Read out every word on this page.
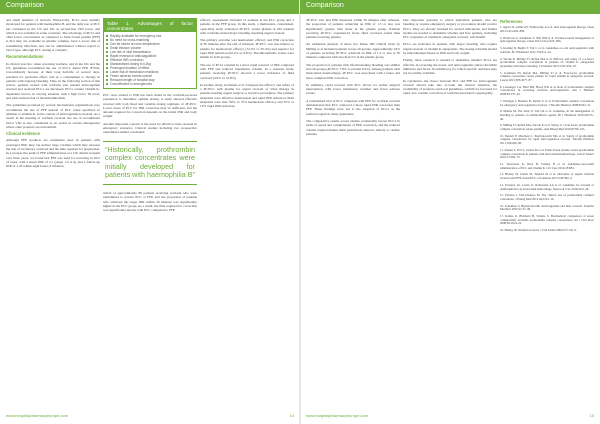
Comparison

and small numbers of bacteria. Historically, PCCs were initially developed for patients with haemophilia B, and the daily use of PCC has continued in the US and UK as second-line VIII boost, and which is not available in some countries. The advantage of PCCs and other factor concentrates as compared to fresh frozen plasma (FFP) is that they are available in smaller volumes, have a lower risk of transmitting infections and can be administered without regard to blood type, although PCC dosing is complex.

Recommendations

In clinical practice, when reversing warfarin, and in the UK and the US, guidelines recommend the use of PCCs, initial FFP, rFVIIa, concomitantly because of their long half-life of several days, potential for persistent effect, and as a complement to therapy in patients with ongoing bleeding. Thus, in the following section of this review, patients treated with warfarin who needed anticoagulant reversal and received PCCs are discussed. PCCs contain vitamin K-dependent factors in varying amounts with a high factor IX level, and with reduced risk of thromboembolism.

The guidelines produced by several international organisations now recommend the use of FFP instead of PCC when specified, in addition to vitamin K, in the context of anticoagulation reversal. As a result, in the meeting of warfarin reversal, the use of recombinant factor VIIa is also considered as an option in certain emergencies where other products are unavailable.

Clinical evidence

Although FFP products are sometimes used in patients with prolonged INR, they can deliver large volumes which may increase the risk of circulatory overload and the time required for preparation. In a prospective audit of FFP administration at a UK district hospital over three years, we found that FFP was used for reversing in 92% of cases, with a mean INR of 2.1 (range 1.5–4.3), and a follow-up INR of 1.45 within eight hours of infusion.

Table 1. Advantages of factor concentrates
Rapidly available for emergency use
No need for cross-matching
Can be stored at room temperature
Small infusion volume
Low risk of viral transmission
Rapid reversal of anticoagulation
Effective INR correction
Standardised dosing in IU/kg
Prolonged duration of effect
Lower risk of transfusion reactions
Fewer adverse events overall
Reduced length of hospital stay
Cost-effective in emergencies

PCC dose related to INR has been tested in the warfarin-reversed population to determine optimal dosing. A study showed effective reversal with both fixed and variable dosing regimens of 4F-PCC. Lower doses of PCC for INR correction may be sufficient, and the amount required for correction depends on the initial INR and body weight.

Another important concern is the need for effective acute reversal in emergency scenarios. Clinical studies including two prospective randomised studies concluded:

“Historically, prothrombin complex concentrates were initially developed for patients with haemophilia B”

which of approximately 80 patients receiving warfarin who were randomised to receive PCC or FFP, and the proportion of patients who achieved the target INR within 30 minutes was significantly higher in the PCC group. As a result, the time required for correction was significantly shorter with PCC compared to FFP.

efficacy assessments included 12 patients in the PCC group and 3 patients in the FFP group. In this study, a multicentre, randomised, open-label study evaluated 4F-PCC versus plasma in 202 patients with warfarin-related major bleeding requiring urgent reversal.

The primary outcome was haemostatic efficacy and INR correction at 30 minutes after the end of infusion; 4F-PCC was non-inferior to plasma for haemostatic efficacy (72.4% vs 65.4%) and superior for rapid INR reduction (62.2% vs 9.6%). Thromboembolic events were similar in both groups.

The use of PCCs resulted in a more rapid reversal of INR compared with FFP and reduced transfusion volume. In a separate study, patients receiving 4F-PCC showed a lower incidence of fluid overload (4.9% vs 12.8%).

In another study, Goldstein et al compared the efficacy and safety of a 4F-PCC with plasma for urgent reversal of VKA therapy in patients needing urgent surgical or invasive procedures. The primary endpoints were effective haemostasis and rapid INR reduction. Both endpoints were met: 90% vs 75% haemostatic efficacy and 55% vs 10% rapid INR reduction.

www.hospitalpharmacyeurope.com	14
Comparison

4F-PCC who had INR measured within 30 minutes after infusion, the proportion of patients achieving an INR of 1.3 or less was significantly greater than those in the plasma group. Patients receiving 4F-PCC experienced fewer fluid overload events than patients receiving plasma.

An additional analysis of these two Phase IIIb clinical trials by Milling et al included patients across all groups. Approximately 45% of patients receiving 4F-PCC achieved an INR of 1.3 or less at 30 minutes compared with less than 5% in the plasma group.

The proportion of patients with life-threatening bleeding was similar in both groups (4F-PCC 7.8% vs plasma 6.4%). Among patients with intracranial haemorrhage, 4F-PCC was associated with a faster and more complete INR correction.

In summary, rapid reversal with PCC allows for earlier surgical intervention, with lower transfusion volumes and fewer adverse events.

A randomised trial of PCC compared with FFP for warfarin reversal demonstrated that PCC achieved a more rapid INR correction than FFP. These findings have led to the adoption of PCCs as the preferred agent in many guidelines.

The comparative results across studies consistently favour PCCs in terms of speed and completeness of INR correction, and the reduced volume required makes them particularly suited to elderly or cardiac patients.

One important question is which individual patients who are bleeding or require emergency surgery or procedures should receive PCCs. They are already licensed for several indications, and further studies are needed to determine whether and how patients, including PCC recipients of vitamin K antagonist reversal, will benefit.

PCCs are indicated in patients with major bleeding who require urgent reversal of vitamin K antagonists. The dosing schedule should be individualised based on INR and body weight.

Finally, more research is needed to determine whether PCCs are effective in reversing the newer oral anticoagulants (direct thrombin inhibitors and factor Xa inhibitors), for which specific antidotes may not be readily available.

In conclusion, the choice between PCC and FFP for anticoagulant reversal should take into account the clinical situation, the availability of products and local guidelines, with PCCs favoured for rapid, low-volume correction of warfarin-associated coagulopathy.

References

1. Ageno W, Gallus AS, Wittkowsky A et al. Oral anticoagulant therapy. Chest 2012;141:e44S–88S.

2. Holbrook A, Schulman S, Witt DM et al. Evidence-based management of anticoagulant therapy. Chest 2012;141:e152S–84S.

3. Keeling D, Baglin T, Tait C et al. Guidelines on oral anticoagulation with warfarin. Br J Haematol 2011;154:311–24.

4. Sarode R, Milling TJ, Refaai MA et al. Efficacy and safety of a 4-factor prothrombin complex concentrate in patients on vitamin K antagonists presenting with major bleeding. Circulation 2013;128:1234–43.

5. Goldstein JN, Refaai MA, Milling TJ et al. Four-factor prothrombin complex concentrate versus plasma for rapid vitamin K antagonist reversal. Lancet 2015;385:2077–87.

6. Leissinger CA, Blatt PM, Hoots WK et al. Role of prothrombin complex concentrates in reversing warfarin anticoagulation. Am J Hematol 2008;83:137–43.

7. Pabinger I, Brenner B, Kalina U et al. Prothrombin complex concentrate for emergency anticoagulation reversal. J Thromb Haemost 2008;6:622–31.

8. Makris M, Van Veen JJ, Tait CR et al. Guideline on the management of bleeding in patients on antithrombotic agents. Br J Haematol 2013;160:35–46.

9. Milling TJ, Refaai MA, Sarode R et al. Safety of a four-factor prothrombin complex concentrate versus plasma. Ann Emerg Med 2016;67:96–105.

10. Dentali F, Marchesi C, Pierfranceschi MG et al. Safety of prothrombin complex concentrates for rapid anticoagulation reversal. Thromb Haemost 2011;106:429–38.

11. Steiner T, Poli S, Griebe M et al. Fresh frozen plasma versus prothrombin complex concentrate in patients with intracranial haemorrhage. Lancet Neurol 2016;15:566–73.

12. Tazarourte K, Riou B, Tremey B et al. Guideline-concordant administration of PCC and vitamin K. Crit Care 2014;18:R81.

13. Hickey M, Gatien M, Taljaard M et al. Outcomes of urgent warfarin reversal with FFP versus PCC. Circulation 2013;128:360–4.

14. Frontera JA, Lewin JJ, Rabinstein AA et al. Guideline for reversal of antithrombotics in intracranial hemorrhage. Neurocrit Care 2016;24:6–46.

15. Ferreira J, DeLosSantos M. The clinical use of prothrombin complex concentrate. J Emerg Med 2013;44:1201–10.

16. Schulman S, Bijsterveld NR. Anticoagulants and their reversal. Transfus Med Rev 2007;21:37–48.

17. Kalina U, Bickhard H, Schulte S. Biochemical comparison of seven commercially available prothrombin complex concentrates. Int J Clin Pract 2008;62:1614–22.

18. Hanley JP. Warfarin reversal. J Clin Pathol 2004;57:1132–9.

www.hospitalpharmacyeurope.com	15
